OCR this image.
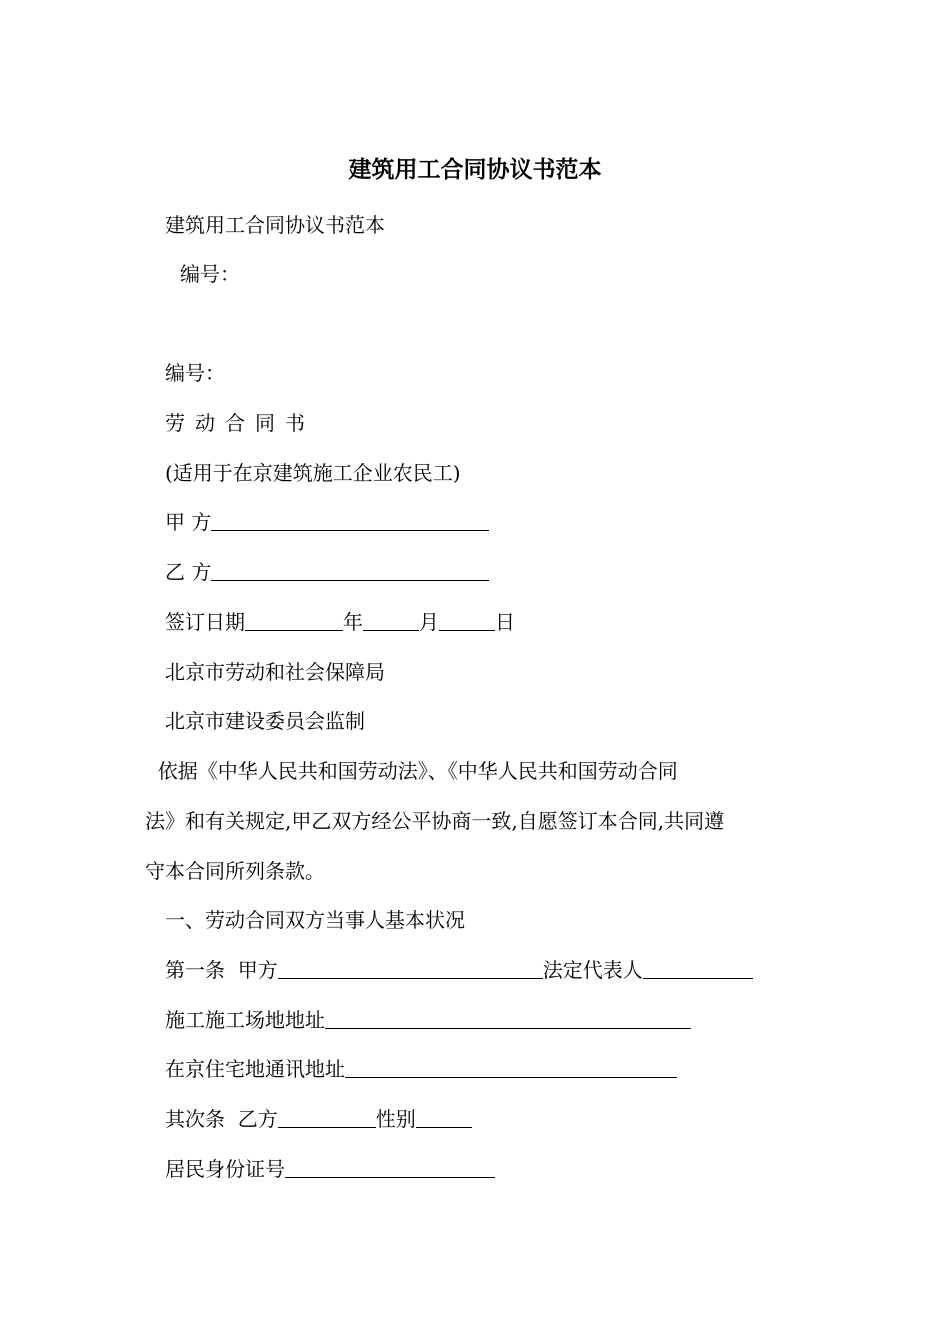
建筑用工合同协议书范本
建筑用工合同协议书范本
编号：
编号：
劳动合同书
(适用于在京建筑施工企业农民工)
甲 方
乙 方
签订日期	年	月	日
北京市劳动和社会保障局
北京市建设委员会监制
依据《中华人民共和国劳动法》、《中华人民共和国劳动合同
法》和有关规定,甲乙双方经公平协商一致,自愿签订本合同,共同遵
守本合同所列条款。
一、劳动合同双方当事人基本状况
第一条  甲方	法定代表人
施工施工场地地址
在京住宅地通讯地址
其次条  乙方	性别
居民身份证号
